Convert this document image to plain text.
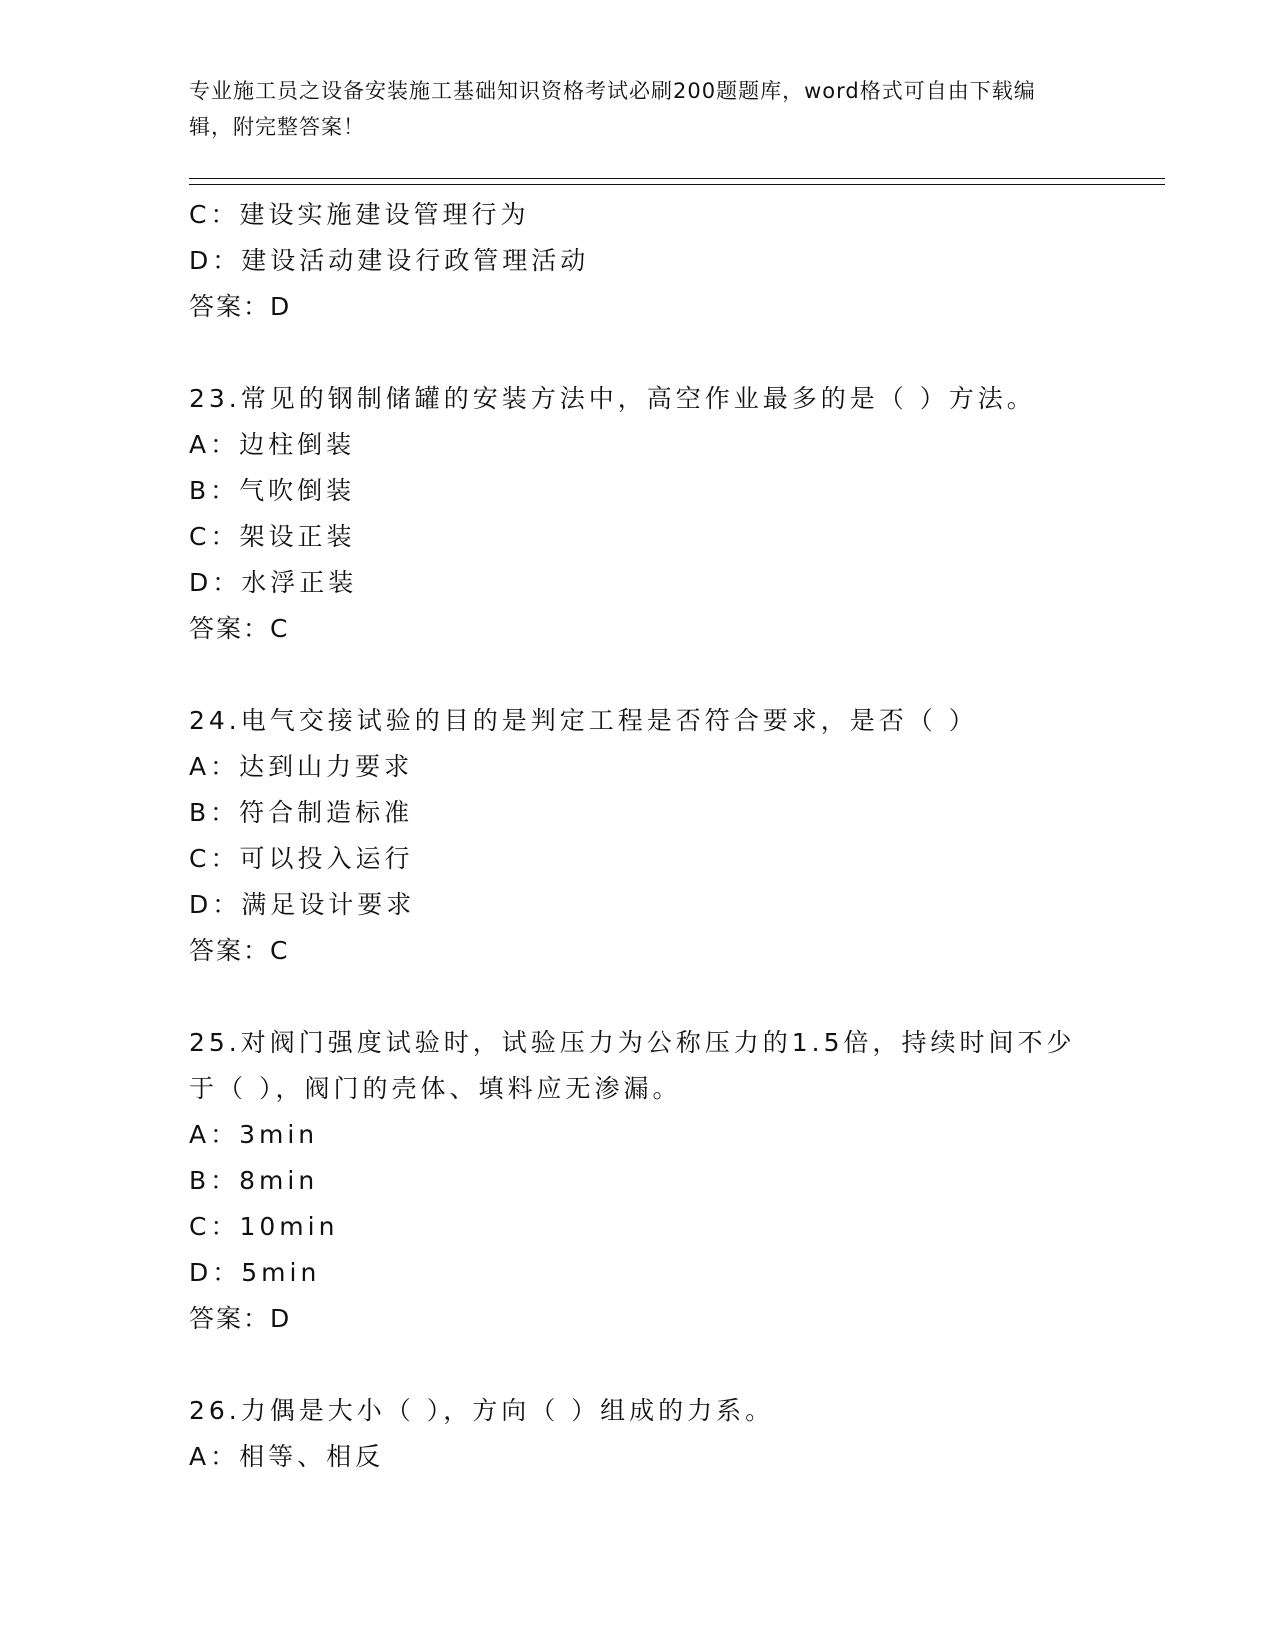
专业施工员之设备安装施工基础知识资格考试必刷200题题库，word格式可自由下载编辑，附完整答案！
C：建设实施建设管理行为
D：建设活动建设行政管理活动
答案：D
23.常见的钢制储罐的安装方法中，高空作业最多的是（ ）方法。
A：边柱倒装
B：气吹倒装
C：架设正装
D：水浮正装
答案：C
24.电气交接试验的目的是判定工程是否符合要求，是否（ ）
A：达到山力要求
B：符合制造标准
C：可以投入运行
D：满足设计要求
答案：C
25.对阀门强度试验时，试验压力为公称压力的1.5倍，持续时间不少
于（ ），阀门的壳体、填料应无渗漏。
A：3min
B：8min
C：10min
D：5min
答案：D
26.力偶是大小（ ），方向（ ）组成的力系。
A：相等、相反
